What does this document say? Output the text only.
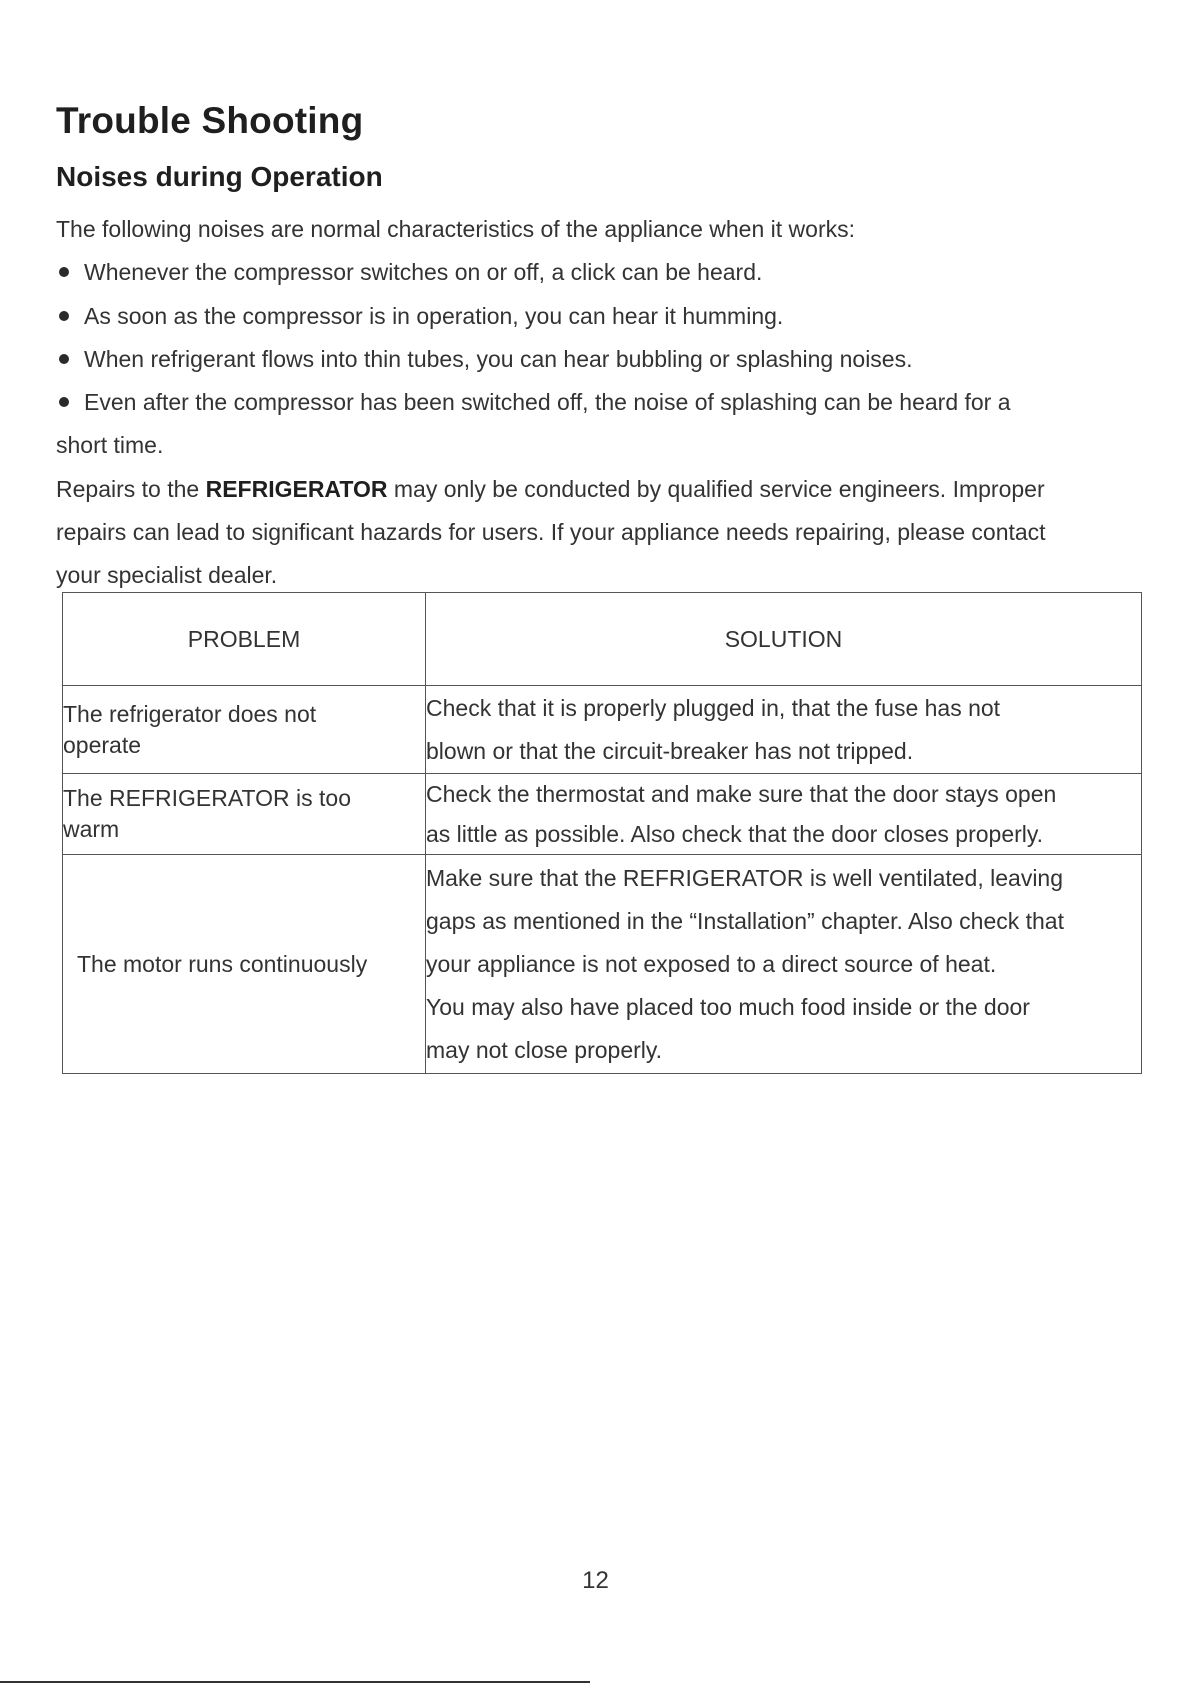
Trouble Shooting
Noises during Operation

The following noises are normal characteristics of the appliance when it works:

Whenever the compressor switches on or off, a click can be heard.
As soon as the compressor is in operation, you can hear it humming.
When refrigerant flows into thin tubes, you can hear bubbling or splashing noises.
Even after the compressor has been switched off, the noise of splashing can be heard for a

short time.

Repairs to the REFRIGERATOR may only be conducted by qualified service engineers. Improper
repairs can lead to significant hazards for users. If your appliance needs repairing, please contact
your specialist dealer.

PROBLEM	SOLUTION
The refrigerator does not
operate	Check that it is properly plugged in, that the fuse has not
blown or that the circuit-breaker has not tripped.
The REFRIGERATOR is too
warm	Check the thermostat and make sure that the door stays open
as little as possible. Also check that the door closes properly.
The motor runs continuously	Make sure that the REFRIGERATOR is well ventilated, leaving
gaps as mentioned in the “Installation” chapter. Also check that
your appliance is not exposed to a direct source of heat.
You may also have placed too much food inside or the door
may not close properly.
12
